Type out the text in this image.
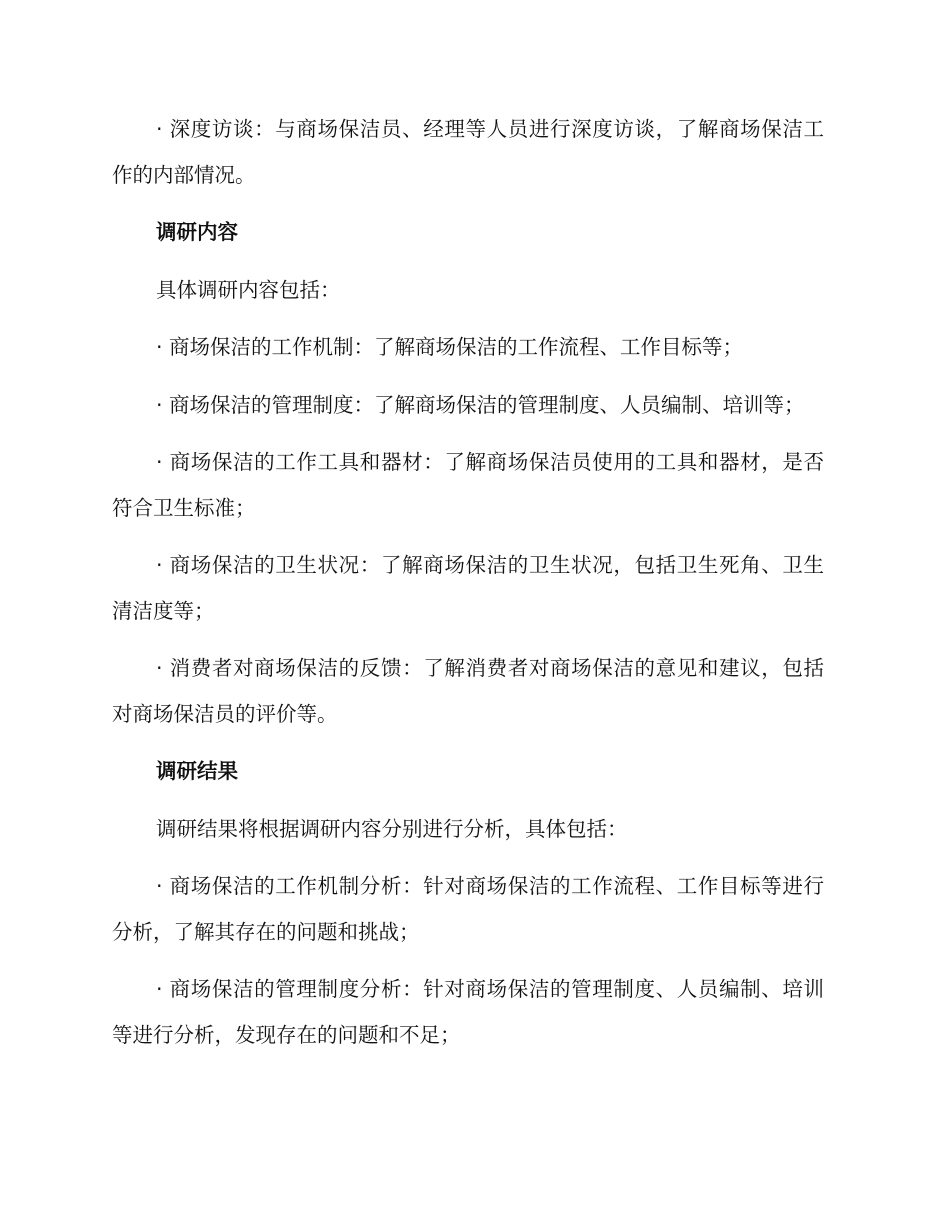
· 深度访谈：与商场保洁员、经理等人员进行深度访谈，了解商场保洁工作的内部情况。

调研内容

具体调研内容包括：

· 商场保洁的工作机制：了解商场保洁的工作流程、工作目标等；

· 商场保洁的管理制度：了解商场保洁的管理制度、人员编制、培训等；

· 商场保洁的工作工具和器材：了解商场保洁员使用的工具和器材，是否符合卫生标准；

· 商场保洁的卫生状况：了解商场保洁的卫生状况，包括卫生死角、卫生清洁度等；

· 消费者对商场保洁的反馈：了解消费者对商场保洁的意见和建议，包括对商场保洁员的评价等。

调研结果

调研结果将根据调研内容分别进行分析，具体包括：

· 商场保洁的工作机制分析：针对商场保洁的工作流程、工作目标等进行分析，了解其存在的问题和挑战；

· 商场保洁的管理制度分析：针对商场保洁的管理制度、人员编制、培训等进行分析，发现存在的问题和不足；
